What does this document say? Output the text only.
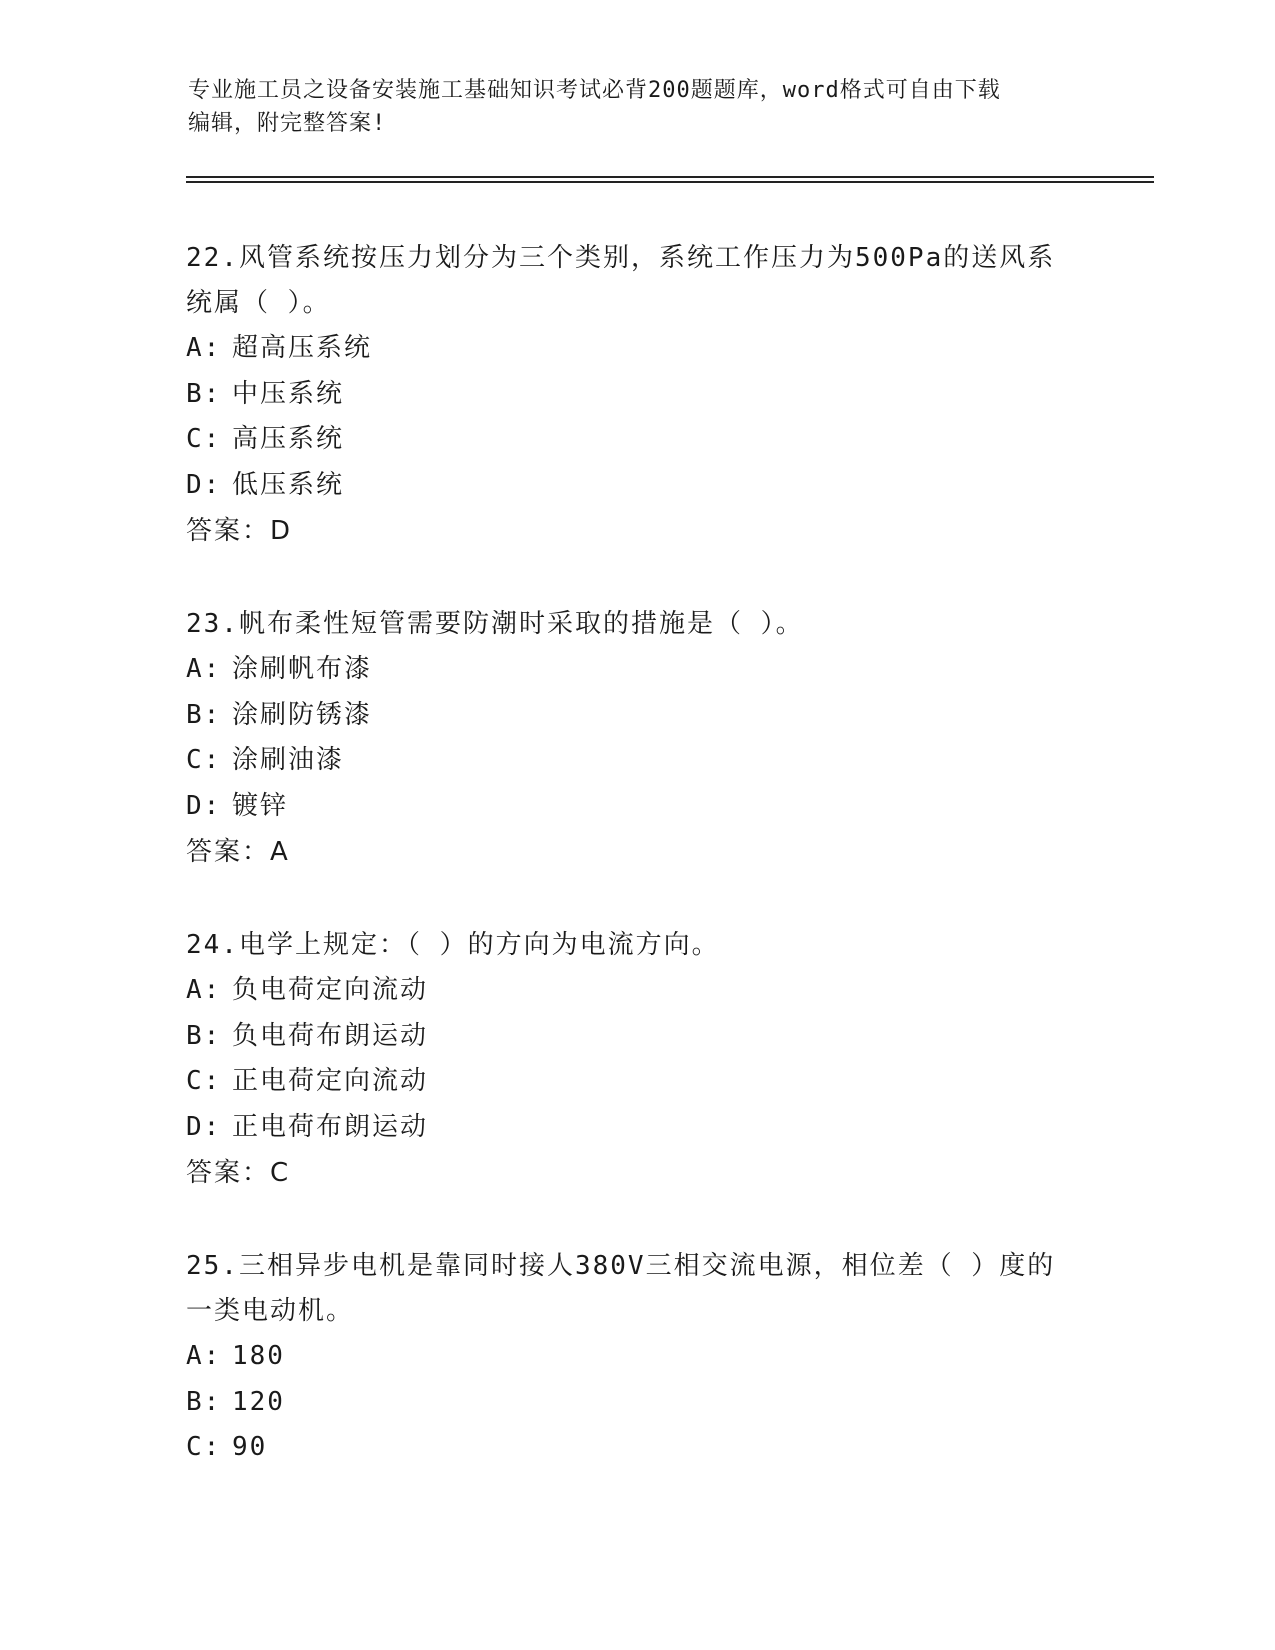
专业施工员之设备安装施工基础知识考试必背200题题库，word格式可自由下载
编辑，附完整答案!
22.风管系统按压力划分为三个类别，系统工作压力为500Pa的送风系
统属（ ）。
A: 超高压系统
B: 中压系统
C: 高压系统
D: 低压系统
答案：D
23.帆布柔性短管需要防潮时采取的措施是（ ）。
A: 涂刷帆布漆
B: 涂刷防锈漆
C: 涂刷油漆
D: 镀锌
答案：A
24.电学上规定：（ ）的方向为电流方向。
A: 负电荷定向流动
B: 负电荷布朗运动
C: 正电荷定向流动
D: 正电荷布朗运动
答案：C
25.三相异步电机是靠同时接人380V三相交流电源，相位差（ ）度的
一类电动机。
A: 180
B: 120
C: 90
